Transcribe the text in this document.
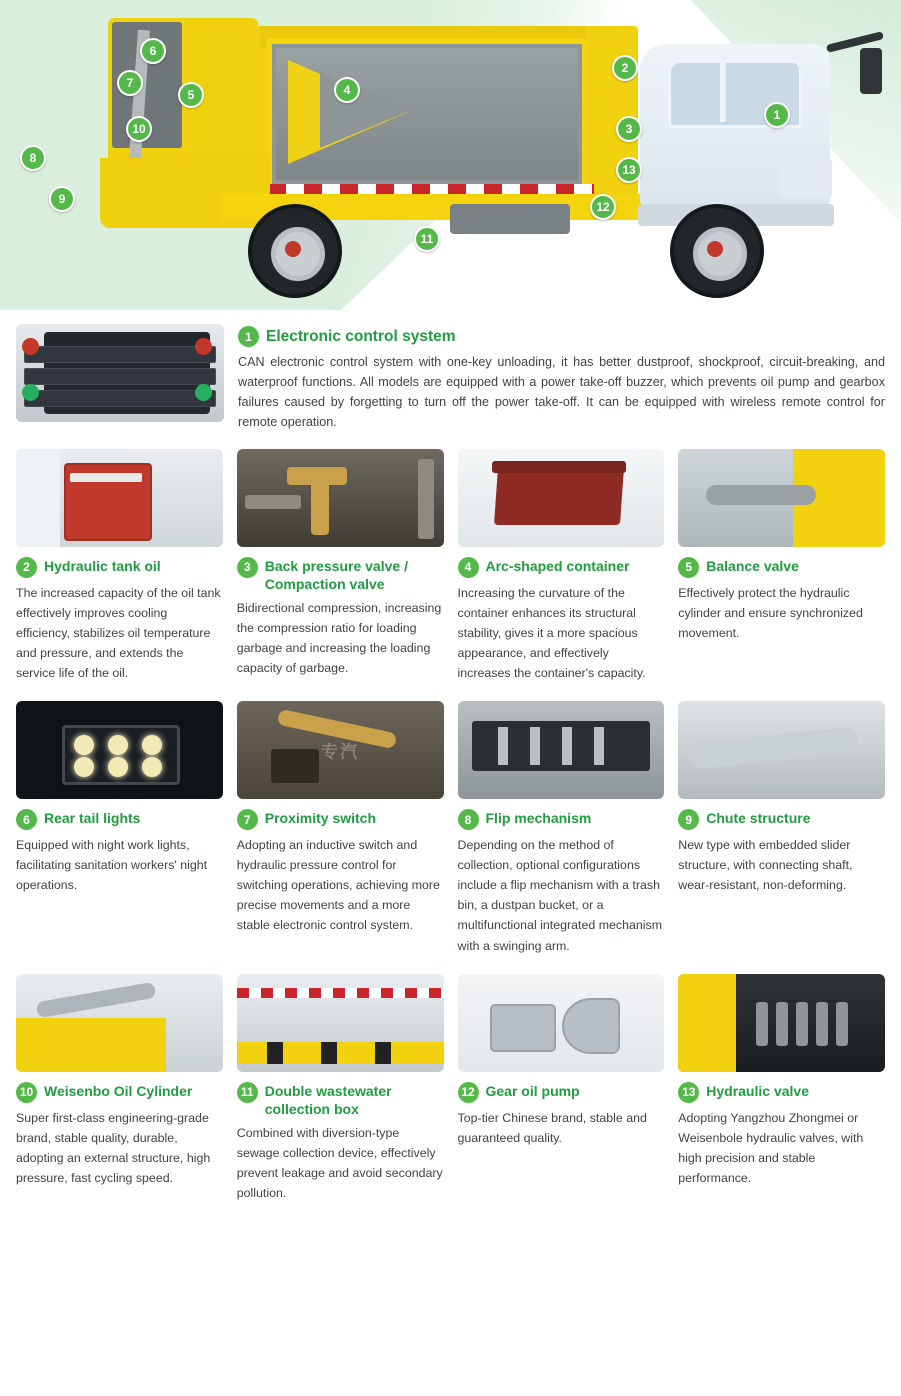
6
7
5
10
8
9
4
2
3
13
12
11
1
1 Electronic control system
CAN electronic control system with one-key unloading, it has better dustproof, shockproof, circuit-breaking, and waterproof functions. All models are equipped with a power take-off buzzer, which prevents oil pump and gearbox failures caused by forgetting to turn off the power take-off. It can be equipped with wireless remote control for remote operation.
2	Hydraulic tank oil
The increased capacity of the oil tank effectively improves cooling efficiency, stabilizes oil temperature and pressure, and extends the service life of the oil.
3	Back pressure valve / Compaction valve
Bidirectional compression, increasing the compression ratio for loading garbage and increasing the loading capacity of garbage.
4	Arc-shaped container
Increasing the curvature of the container enhances its structural stability, gives it a more spacious appearance, and effectively increases the container's capacity.
5	Balance valve
Effectively protect the hydraulic cylinder and ensure synchronized movement.
6	Rear tail lights
Equipped with night work lights, facilitating sanitation workers' night operations.
专汽
7	Proximity switch
Adopting an inductive switch and hydraulic pressure control for switching operations, achieving more precise movements and a more stable electronic control system.
8	Flip mechanism
Depending on the method of collection, optional configurations include a flip mechanism with a trash bin, a dustpan bucket, or a multifunctional integrated mechanism with a swinging arm.
9	Chute structure
New type with embedded slider structure, with connecting shaft, wear-resistant, non-deforming.
10 Weisenbo Oil Cylinder
Super first-class engineering-grade brand, stable quality, durable, adopting an external structure, high pressure, fast cycling speed.
11 Double wastewater collection box
Combined with diversion-type sewage collection device, effectively prevent leakage and avoid secondary pollution.
12 Gear oil pump
Top-tier Chinese brand, stable and guaranteed quality.
13 Hydraulic valve
Adopting Yangzhou Zhongmei or Weisenbole hydraulic valves, with high precision and stable performance.
